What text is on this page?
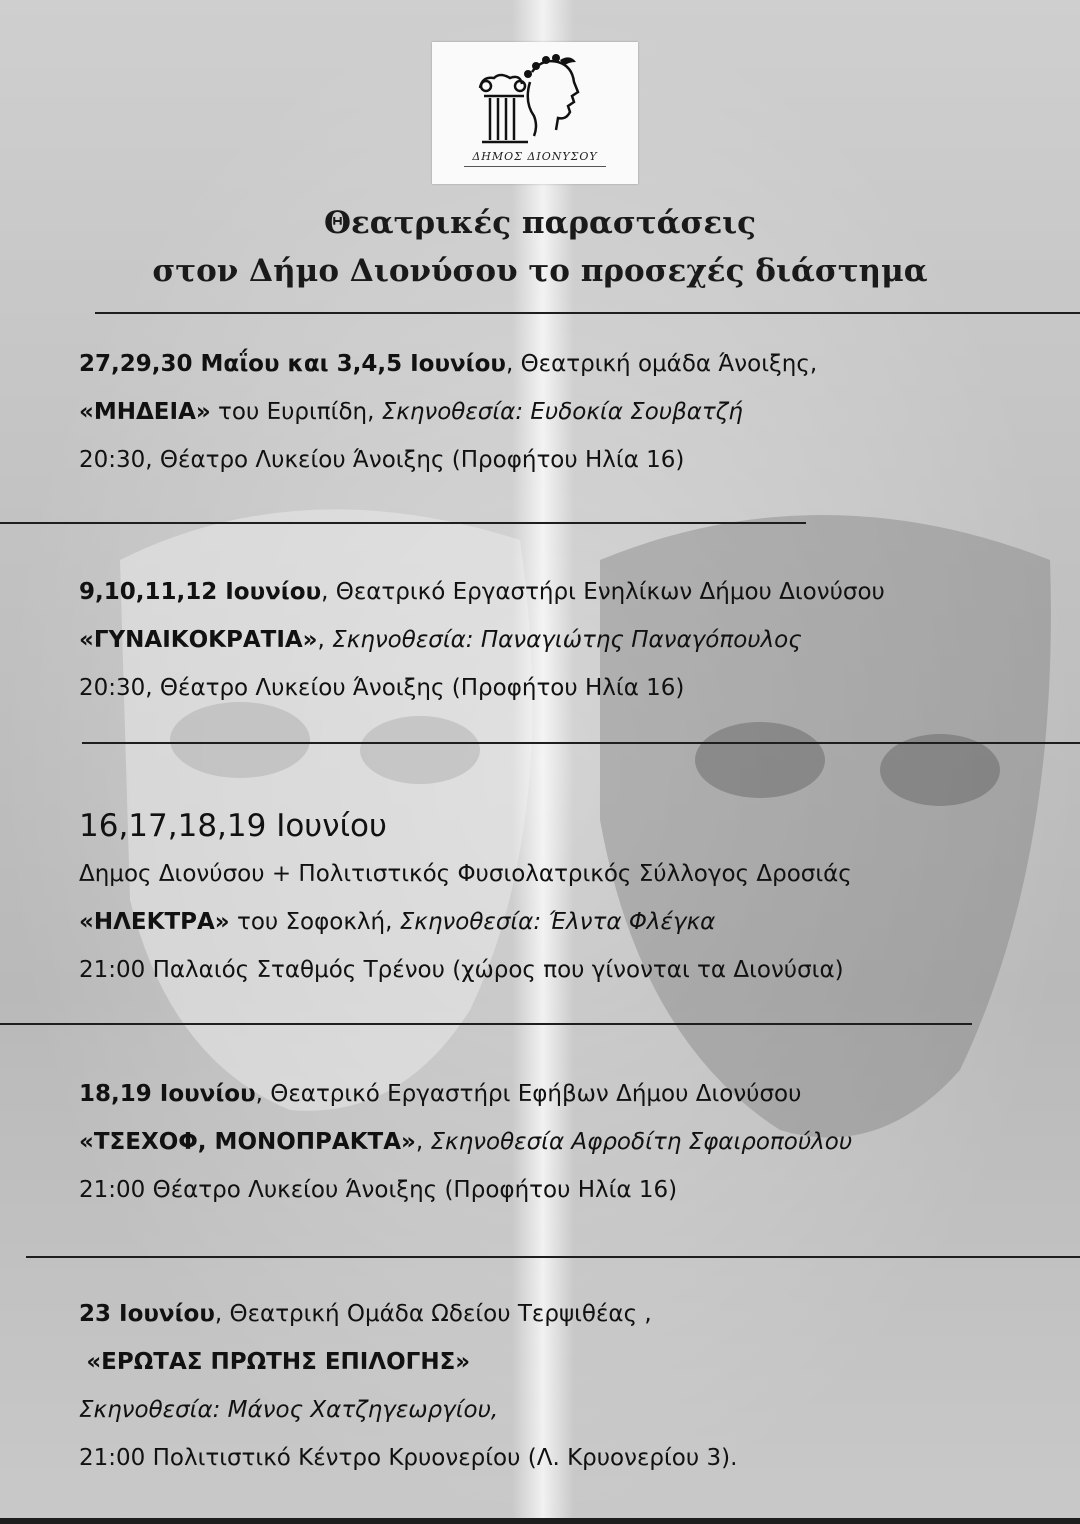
ΔΗΜΟΣ ΔΙΟΝΥΣΟΥ
Θεατρικές παραστάσεις
στον Δήμο Διονύσου το προσεχές διάστημα
27,29,30 Μαΐου και 3,4,5 Ιουνίου, Θεατρική ομάδα Άνοιξης,
«ΜΗΔΕΙΑ» του Ευριπίδη, Σκηνοθεσία: Ευδοκία Σουβατζή
20:30, Θέατρο Λυκείου Άνοιξης (Προφήτου Ηλία 16)
9,10,11,12 Ιουνίου, Θεατρικό Εργαστήρι Ενηλίκων Δήμου Διονύσου
«ΓΥΝΑΙΚΟΚΡΑΤΙΑ», Σκηνοθεσία: Παναγιώτης Παναγόπουλος
20:30, Θέατρο Λυκείου Άνοιξης (Προφήτου Ηλία 16)
16,17,18,19 Ιουνίου
Δημος Διονύσου + Πολιτιστικός Φυσιολατρικός Σύλλογος Δροσιάς
«ΗΛΕΚΤΡΑ» του Σοφοκλή, Σκηνοθεσία: Έλντα Φλέγκα
21:00 Παλαιός Σταθμός Τρένου (χώρος που γίνονται τα Διονύσια)
18,19 Ιουνίου, Θεατρικό Εργαστήρι Εφήβων Δήμου Διονύσου
«ΤΣΕΧΟΦ, ΜΟΝΟΠΡΑΚΤΑ», Σκηνοθεσία Αφροδίτη Σφαιροπούλου
21:00 Θέατρο Λυκείου Άνοιξης (Προφήτου Ηλία 16)
23 Ιουνίου, Θεατρική Ομάδα Ωδείου Τερψιθέας ,
«ΕΡΩΤΑΣ ΠΡΩΤΗΣ ΕΠΙΛΟΓΗΣ»
Σκηνοθεσία: Μάνος Χατζηγεωργίου,
21:00 Πολιτιστικό Κέντρο Κρυονερίου (Λ. Κρυονερίου 3).
